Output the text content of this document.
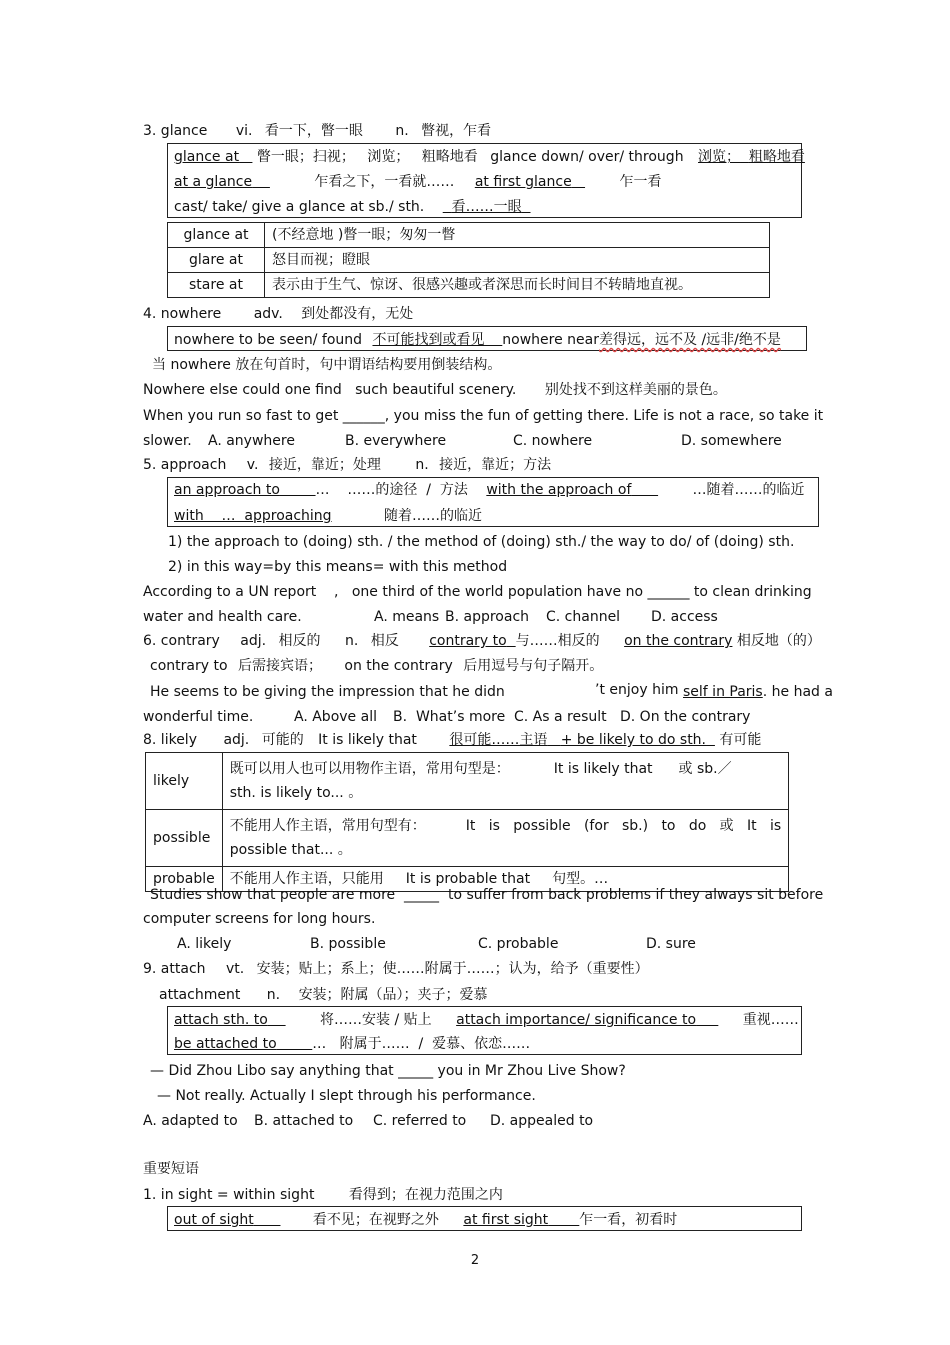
3. glance vi. 看一下，瞥一眼 n. 瞥视，乍看
glance at 瞥一眼；扫视； 浏览； 粗略地看 glance down/ over/ through 浏览； 粗略地看
at a glance	乍看之下，一看就…… at first glance	乍一看
cast/ take/ give a glance at sb./ sth. 看……一眼
glance at	(不经意地 )瞥一眼；匆匆一瞥
glare at	怒目而视；瞪眼
stare at	表示由于生气、惊讶、很感兴趣或者深思而长时间目不转睛地直视。
4. nowhere adv. 到处都没有，无处
nowhere to be seen/ found 不可能找到或看见 nowhere near差得远，远不及 /远非/绝不是
当 nowhere 放在句首时，句中谓语结构要用倒装结构。
Nowhere else could one find   such beautiful scenery. 别处找不到这样美丽的景色。
When you run so fast to get ______, you miss the fun of getting there. Life is not a race, so take it
slower. A. anywhere	B. everywhere	C. nowhere	D. somewhere
5. approach v. 接近，靠近；处理 n. 接近，靠近；方法
an approach to	…    ……的途径  /  方法 with the approach of	…随着……的临近
with    …  approaching	随着……的临近
1) the approach to (doing) sth. / the method of (doing) sth./ the way to do/ of (doing) sth.
2) in this way=by this means= with this method
According to a UN report    ,   one third of the world population have no ______ to clean drinking
water and health care.	A. means B. approach C. channel D. access
6. contrary adj. 相反的 n. 相反 contrary to 与……相反的 on the contrary 相反地（的）
contrary to 后需接宾语； on the contrary 后用逗号与句子隔开。
He seems to be giving the impression that he didn	’t enjoy him self in Paris. he had a
wonderful time.	A. Above all B.  What’s more C. As a result D. On the contrary
8. likely adj. 可能的 It is likely that 很可能……主语 + be likely to do sth. 有可能
likely	既可以用人也可以用物作主语，常用句型是： It is likely that 或 sb.／
sth. is likely to... 。

possible	不能用人作主语，常用句型有： It   is   possible   (for   sb.)   to   do   或   It   is
possible that... 。

probable	不能用人作主语，只能用 It is probable that 句型。…
Studies show that people are more  _____  to suffer from back problems if they always sit before
computer screens for long hours.
A. likely	B. possible	C. probable	D. sure
9. attach vt. 安装；贴上；系上；使……附属于……；认为，给予（重要性）
attachment n. 安装；附属（品）；夹子；爱慕
attach sth. to	将……安装 / 贴上 attach importance/ significance to	重视……
be attached to	…   附属于……  /  爱慕、依恋……
— Did Zhou Libo say anything that _____ you in Mr Zhou Live Show?
— Not really. Actually I slept through his performance.
A. adapted to B. attached to C. referred to D. appealed to
重要短语
1. in sight = within sight 看得到；在视力范围之内
out of sight	看不见；在视野之外 at first sight 乍一看，初看时
2
